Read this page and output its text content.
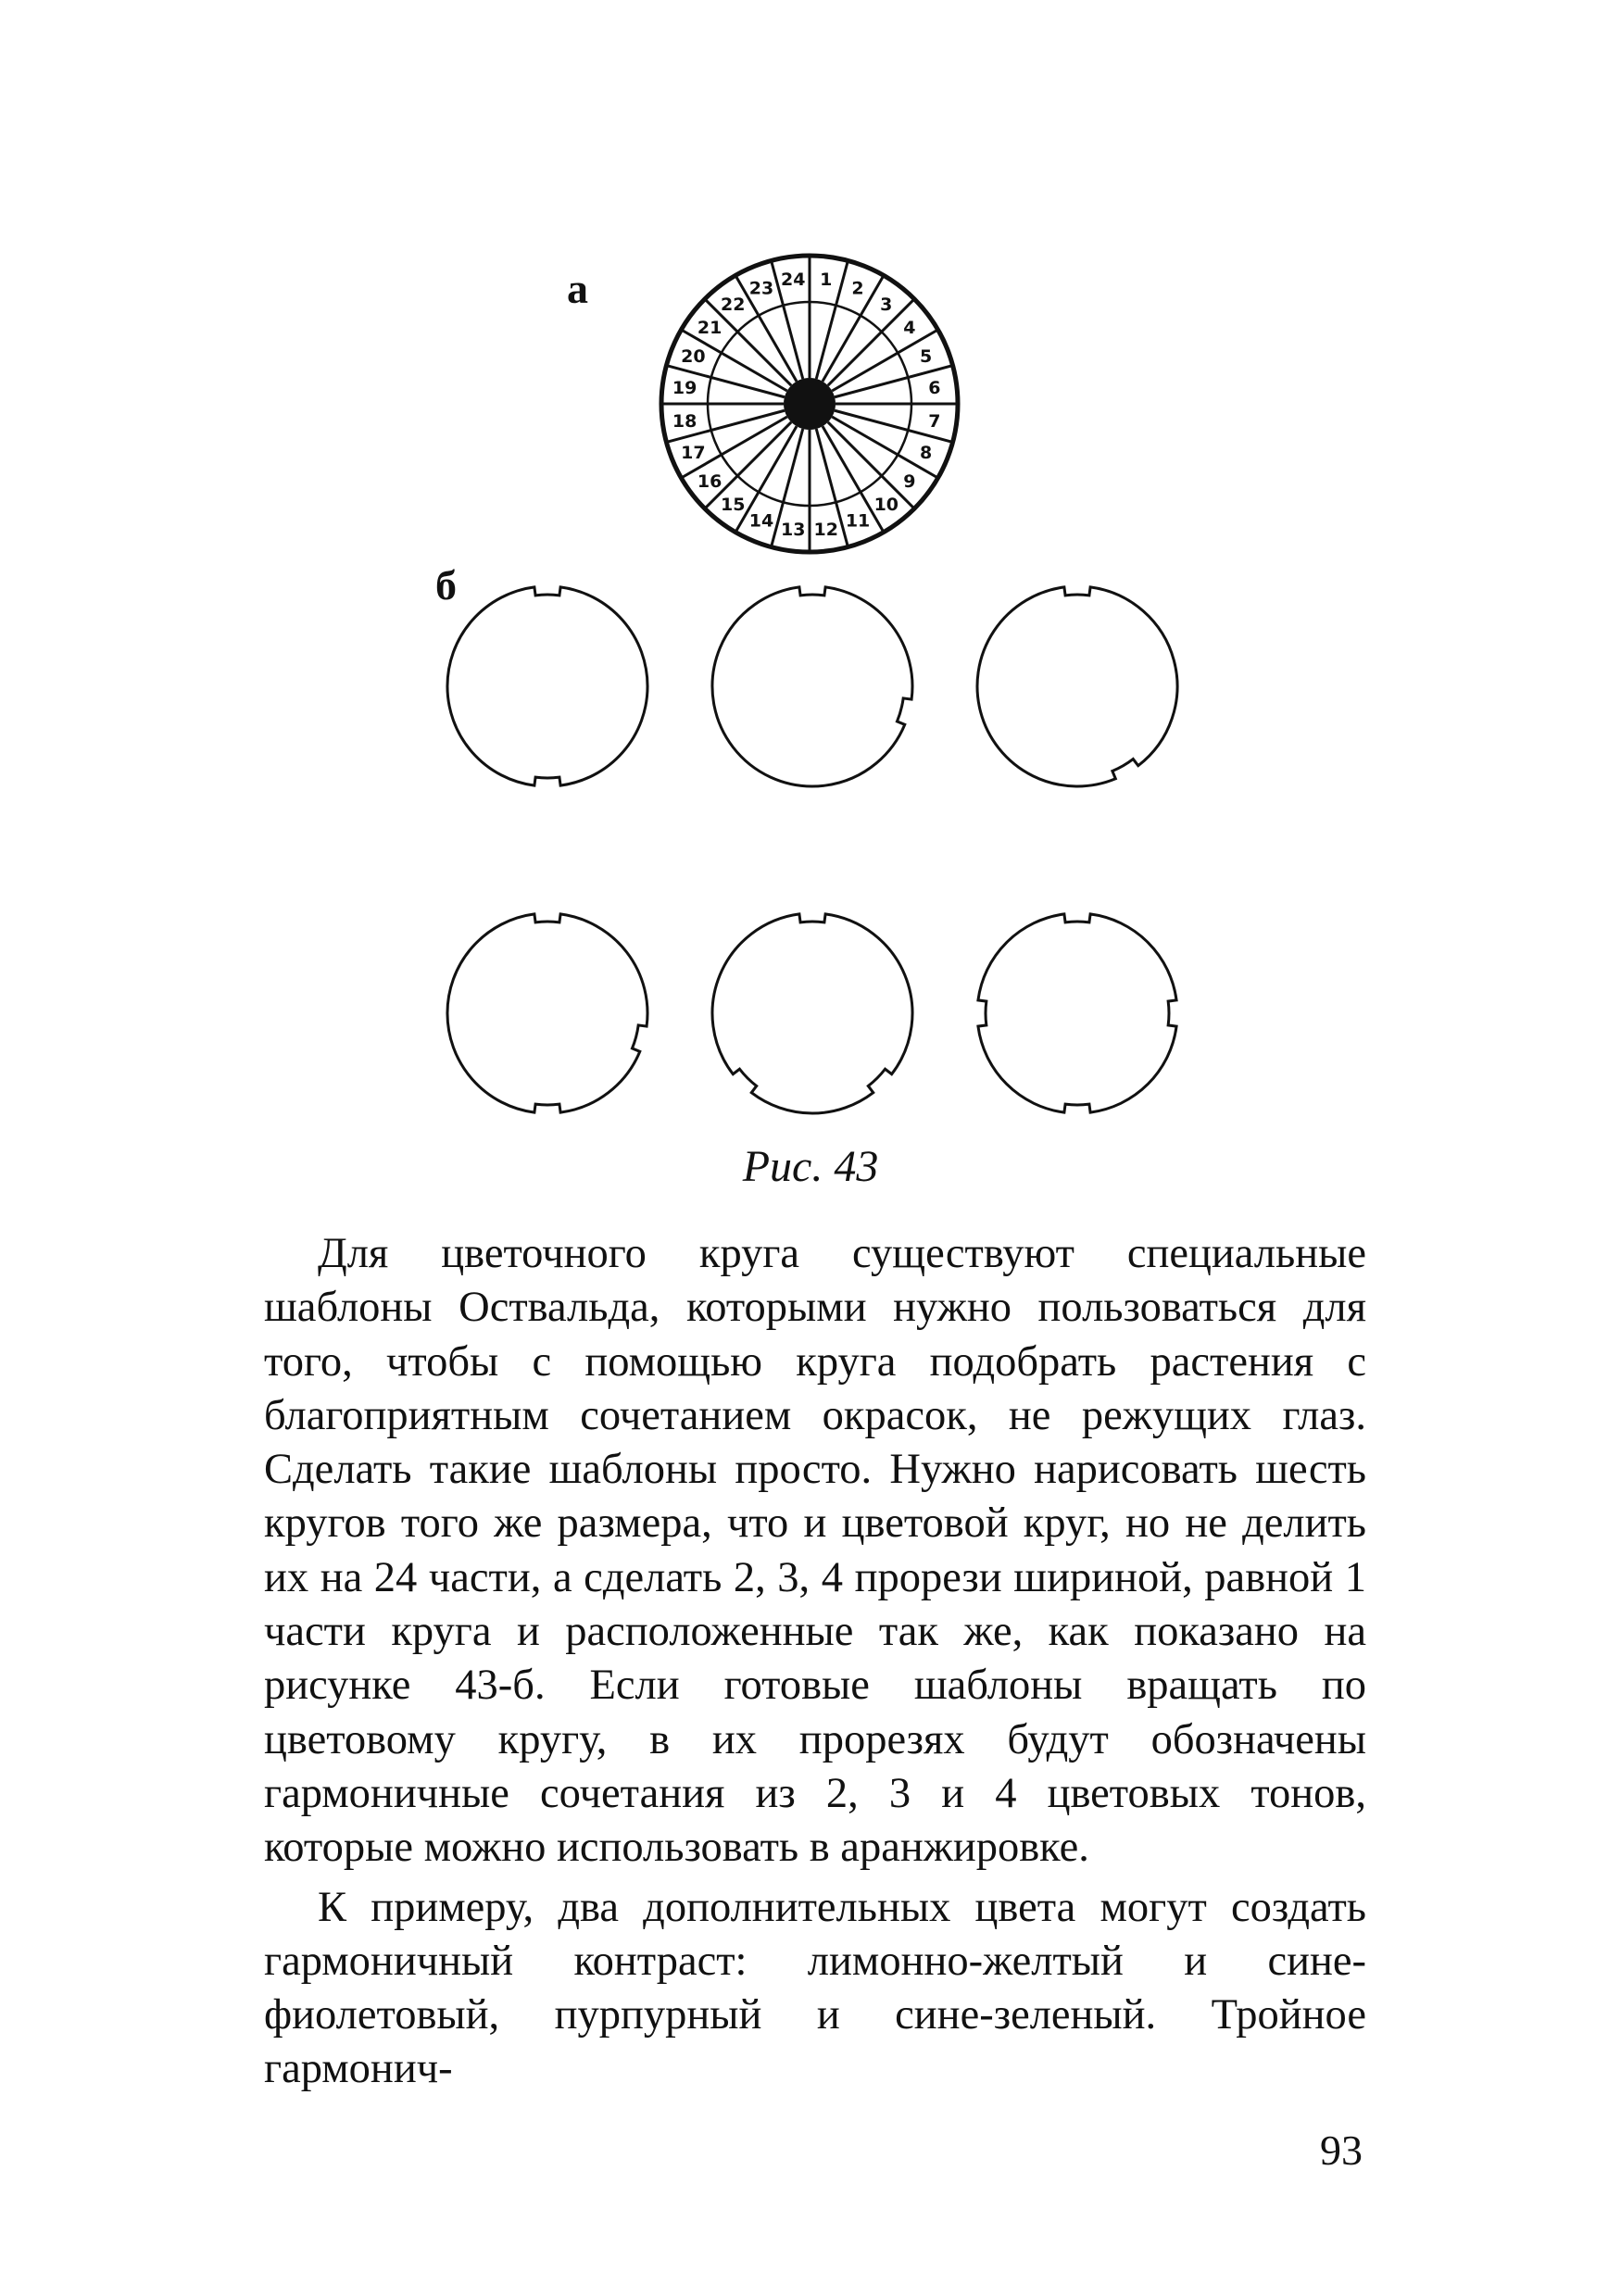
а
б
1 2
3
4
5
6
7
8
9
10
11
12
13
14
15
16
17
18
19
20
21
22
23 24
Рис. 43

Для цветочного круга существуют специальные шаблоны Оствальда, которыми нужно пользоваться для того, чтобы с помощью круга подобрать растения с благоприятным сочетанием окрасок, не режущих глаз. Сделать такие шаблоны просто. Нужно нарисовать шесть кругов того же размера, что и цветовой круг, но не делить их на 24 части, а сделать 2, 3, 4 прорези шириной, равной 1 части круга и расположенные так же, как показано на рисунке 43-б. Если готовые шаблоны вращать по цветовому кругу, в их прорезях будут обозначены гармоничные сочетания из 2, 3 и 4 цветовых тонов, которые можно использовать в аранжировке.

К примеру, два дополнительных цвета могут создать гармоничный контраст: лимонно-желтый и сине-фиолетовый, пурпурный и сине-зеленый. Тройное гармонич-

93
